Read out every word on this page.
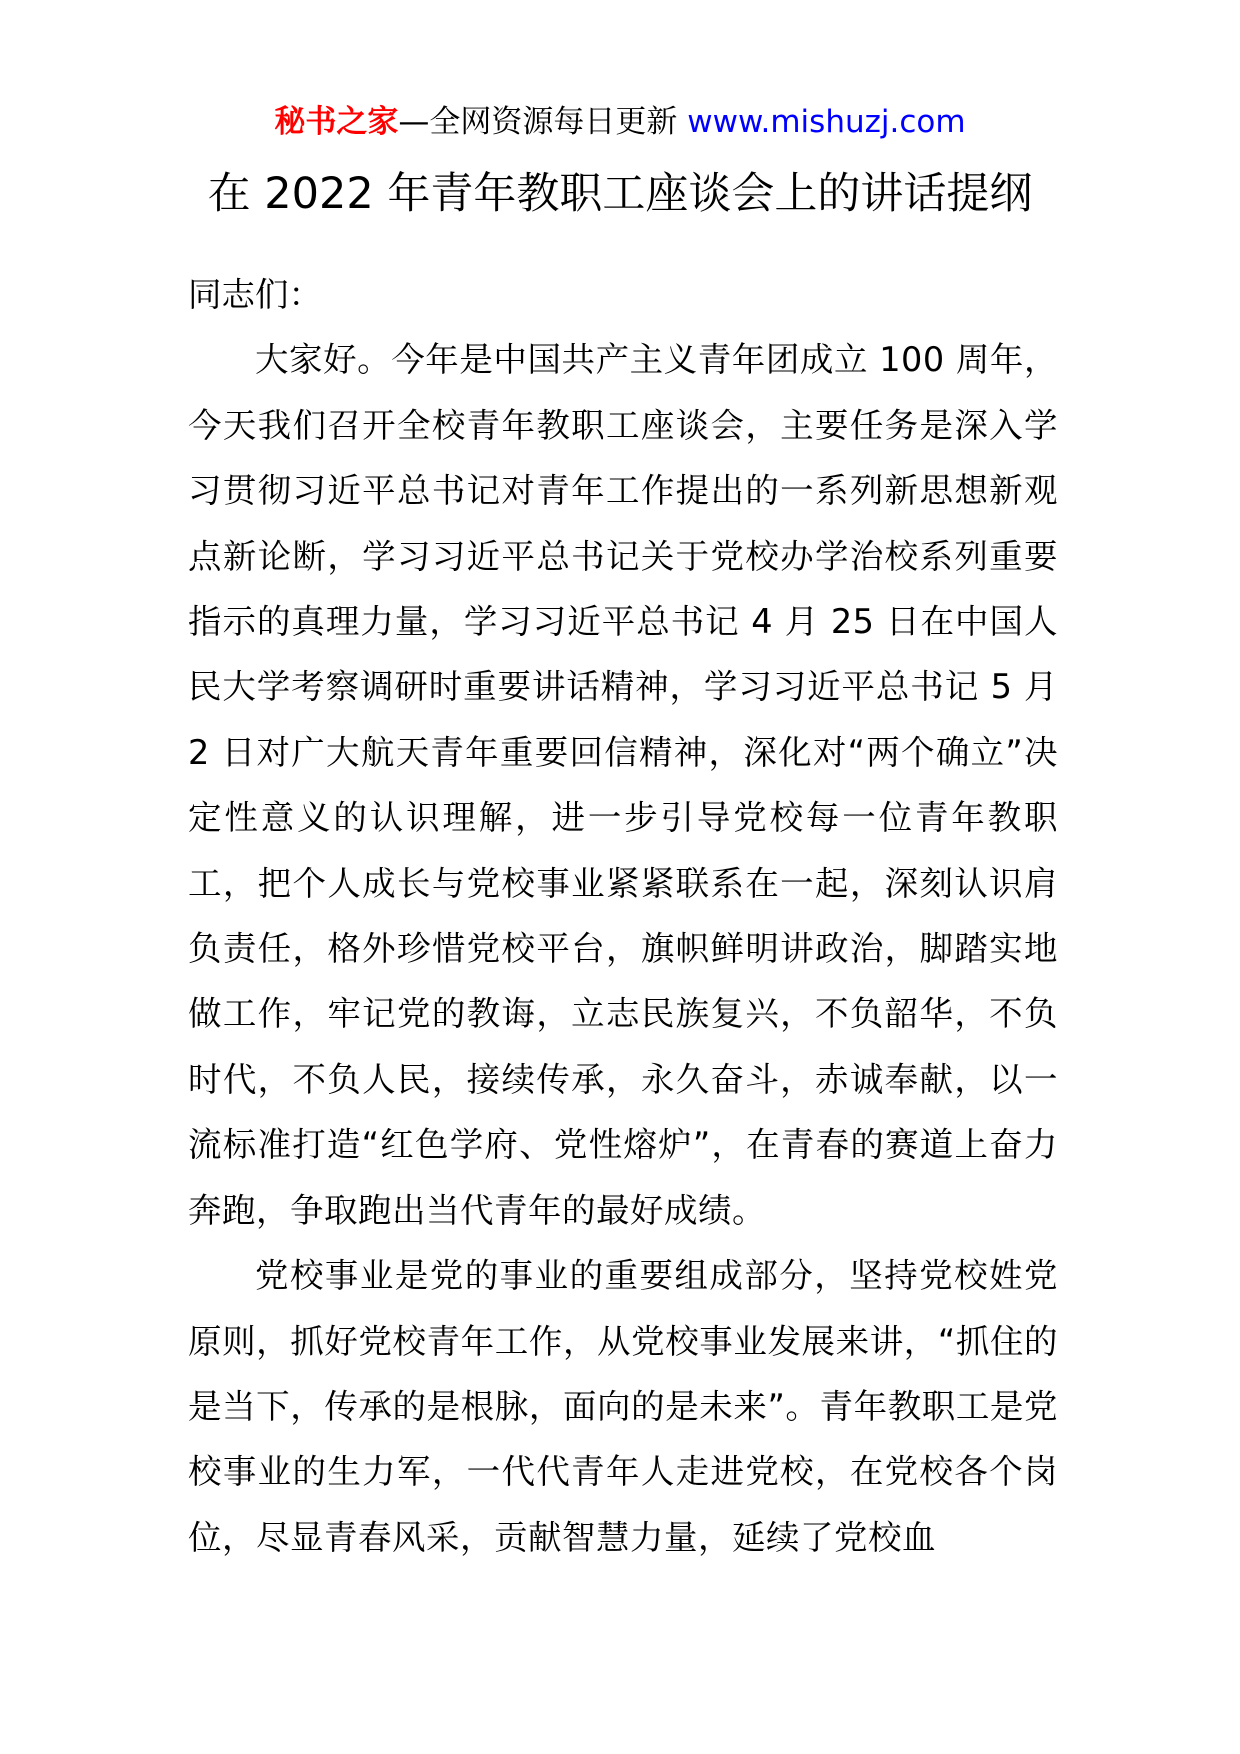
秘书之家—全网资源每日更新 www.mishuzj.com
在 2022 年青年教职工座谈会上的讲话提纲

同志们：

大家好。今年是中国共产主义青年团成立 100 周年，今天我们召开全校青年教职工座谈会，主要任务是深入学习贯彻习近平总书记对青年工作提出的一系列新思想新观点新论断，学习习近平总书记关于党校办学治校系列重要指示的真理力量，学习习近平总书记 4 月 25 日在中国人民大学考察调研时重要讲话精神，学习习近平总书记 5 月 2 日对广大航天青年重要回信精神，深化对“两个确立”决定性意义的认识理解，进一步引导党校每一位青年教职工，把个人成长与党校事业紧紧联系在一起，深刻认识肩负责任，格外珍惜党校平台，旗帜鲜明讲政治，脚踏实地做工作，牢记党的教诲，立志民族复兴，不负韶华，不负时代，不负人民，接续传承，永久奋斗，赤诚奉献，以一流标准打造“红色学府、党性熔炉”，在青春的赛道上奋力奔跑，争取跑出当代青年的最好成绩。

党校事业是党的事业的重要组成部分，坚持党校姓党原则，抓好党校青年工作，从党校事业发展来讲，“抓住的是当下，传承的是根脉，面向的是未来”。青年教职工是党校事业的生力军，一代代青年人走进党校，在党校各个岗位，尽显青春风采，贡献智慧力量，延续了党校血
